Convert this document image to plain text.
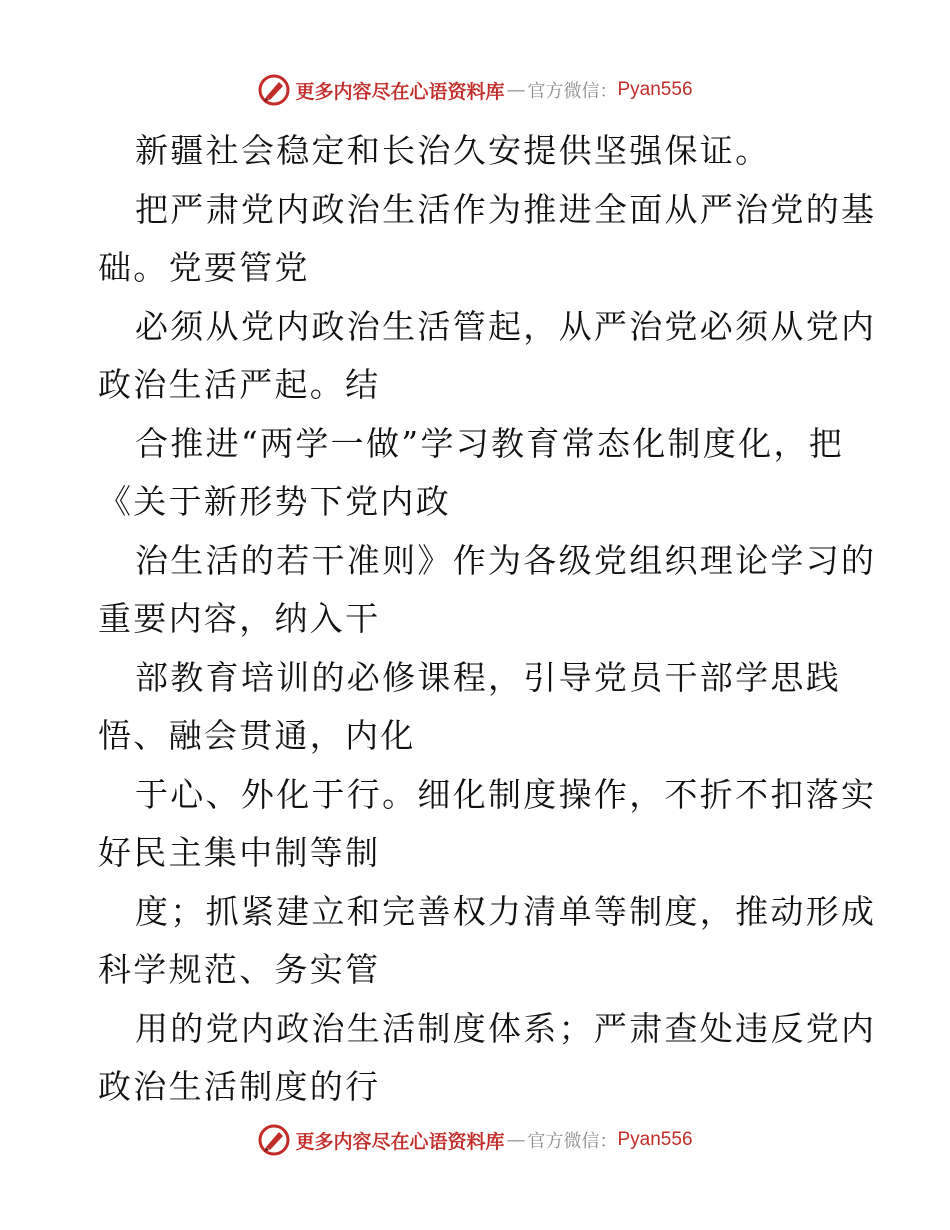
更多内容尽在心语资料库 — 官方微信： Pyan556
新疆社会稳定和长治久安提供坚强保证。
把严肃党内政治生活作为推进全面从严治党的基
础。党要管党
必须从党内政治生活管起，从严治党必须从党内
政治生活严起。结
合推进“两学一做”学习教育常态化制度化，把
《关于新形势下党内政
治生活的若干准则》作为各级党组织理论学习的
重要内容，纳入干
部教育培训的必修课程，引导党员干部学思践
悟、融会贯通，内化
于心、外化于行。细化制度操作，不折不扣落实
好民主集中制等制
度；抓紧建立和完善权力清单等制度，推动形成
科学规范、务实管
用的党内政治生活制度体系；严肃查处违反党内
政治生活制度的行
更多内容尽在心语资料库 — 官方微信： Pyan556
